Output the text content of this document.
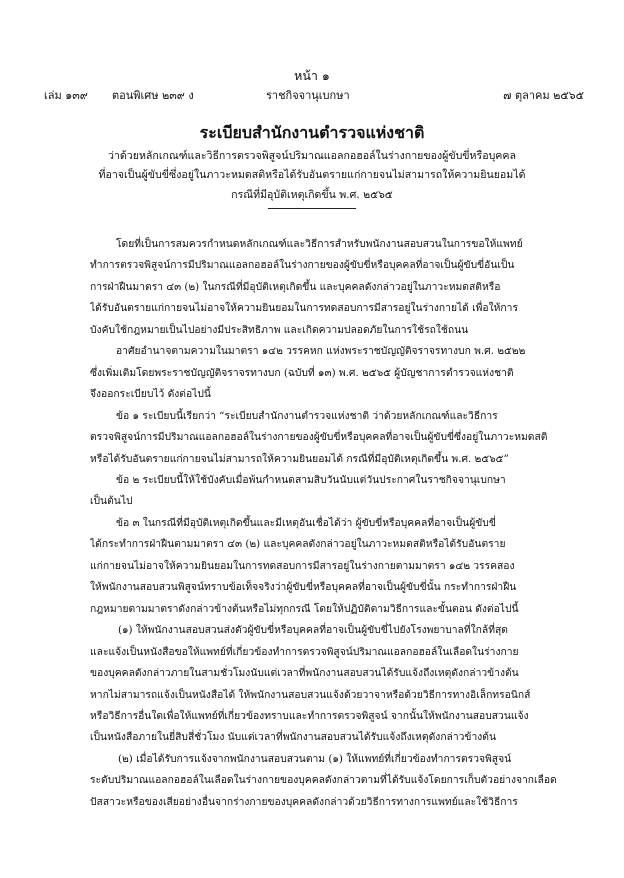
หน้า ๑
เล่ม ๑๓๙ ตอนพิเศษ ๒๓๙ ง	ราชกิจจานุเบกษา	๗ ตุลาคม ๒๕๖๕
ระเบียบสำนักงานตำรวจแห่งชาติ
ว่าด้วยหลักเกณฑ์และวิธีการตรวจพิสูจน์ปริมาณแอลกอฮอล์ในร่างกายของผู้ขับขี่หรือบุคคล
ที่อาจเป็นผู้ขับขี่ซึ่งอยู่ในภาวะหมดสติหรือได้รับอันตรายแก่กายจนไม่สามารถให้ความยินยอมได้
กรณีที่มีอุบัติเหตุเกิดขึ้น พ.ศ. ๒๕๖๕
โดยที่เป็นการสมควรกำหนดหลักเกณฑ์และวิธีการสำหรับพนักงานสอบสวนในการขอให้แพทย์
ทำการตรวจพิสูจน์การมีปริมาณแอลกอฮอล์ในร่างกายของผู้ขับขี่หรือบุคคลที่อาจเป็นผู้ขับขี่อันเป็น
การฝ่าฝืนมาตรา ๔๓ (๒) ในกรณีที่มีอุบัติเหตุเกิดขึ้น และบุคคลดังกล่าวอยู่ในภาวะหมดสติหรือ
ได้รับอันตรายแก่กายจนไม่อาจให้ความยินยอมในการทดสอบการมีสารอยู่ในร่างกายได้ เพื่อให้การ
บังคับใช้กฎหมายเป็นไปอย่างมีประสิทธิภาพ และเกิดความปลอดภัยในการใช้รถใช้ถนน
อาศัยอำนาจตามความในมาตรา ๑๔๒ วรรคหก แห่งพระราชบัญญัติจราจรทางบก พ.ศ. ๒๕๒๒
ซึ่งเพิ่มเติมโดยพระราชบัญญัติจราจรทางบก (ฉบับที่ ๑๓) พ.ศ. ๒๕๖๕ ผู้บัญชาการตำรวจแห่งชาติ
จึงออกระเบียบไว้ ดังต่อไปนี้
ข้อ ๑ ระเบียบนี้เรียกว่า “ระเบียบสำนักงานตำรวจแห่งชาติ ว่าด้วยหลักเกณฑ์และวิธีการ
ตรวจพิสูจน์การมีปริมาณแอลกอฮอล์ในร่างกายของผู้ขับขี่หรือบุคคลที่อาจเป็นผู้ขับขี่ซึ่งอยู่ในภาวะหมดสติ
หรือได้รับอันตรายแก่กายจนไม่สามารถให้ความยินยอมได้ กรณีที่มีอุบัติเหตุเกิดขึ้น พ.ศ. ๒๕๖๕”
ข้อ ๒ ระเบียบนี้ให้ใช้บังคับเมื่อพ้นกำหนดสามสิบวันนับแต่วันประกาศในราชกิจจานุเบกษา
เป็นต้นไป
ข้อ ๓ ในกรณีที่มีอุบัติเหตุเกิดขึ้นและมีเหตุอันเชื่อได้ว่า ผู้ขับขี่หรือบุคคลที่อาจเป็นผู้ขับขี่
ได้กระทำการฝ่าฝืนตามมาตรา ๔๓ (๒) และบุคคลดังกล่าวอยู่ในภาวะหมดสติหรือได้รับอันตราย
แก่กายจนไม่อาจให้ความยินยอมในการทดสอบการมีสารอยู่ในร่างกายตามมาตรา ๑๔๒ วรรคสอง
ให้พนักงานสอบสวนพิสูจน์ทราบข้อเท็จจริงว่าผู้ขับขี่หรือบุคคลที่อาจเป็นผู้ขับขี่นั้น กระทำการฝ่าฝืน
กฎหมายตามมาตราดังกล่าวข้างต้นหรือไม่ทุกกรณี โดยให้ปฏิบัติตามวิธีการและขั้นตอน ดังต่อไปนี้
(๑) ให้พนักงานสอบสวนส่งตัวผู้ขับขี่หรือบุคคลที่อาจเป็นผู้ขับขี่ไปยังโรงพยาบาลที่ใกล้ที่สุด
และแจ้งเป็นหนังสือขอให้แพทย์ที่เกี่ยวข้องทำการตรวจพิสูจน์ปริมาณแอลกอฮอล์ในเลือดในร่างกาย
ของบุคคลดังกล่าวภายในสามชั่วโมงนับแต่เวลาที่พนักงานสอบสวนได้รับแจ้งถึงเหตุดังกล่าวข้างต้น
หากไม่สามารถแจ้งเป็นหนังสือได้ ให้พนักงานสอบสวนแจ้งด้วยวาจาหรือด้วยวิธีการทางอิเล็กทรอนิกส์
หรือวิธีการอื่นใดเพื่อให้แพทย์ที่เกี่ยวข้องทราบและทำการตรวจพิสูจน์ จากนั้นให้พนักงานสอบสวนแจ้ง
เป็นหนังสือภายในยี่สิบสี่ชั่วโมง นับแต่เวลาที่พนักงานสอบสวนได้รับแจ้งถึงเหตุดังกล่าวข้างต้น
(๒) เมื่อได้รับการแจ้งจากพนักงานสอบสวนตาม (๑) ให้แพทย์ที่เกี่ยวข้องทำการตรวจพิสูจน์
ระดับปริมาณแอลกอฮอล์ในเลือดในร่างกายของบุคคลดังกล่าวตามที่ได้รับแจ้งโดยการเก็บตัวอย่างจากเลือด
ปัสสาวะหรือของเสียอย่างอื่นจากร่างกายของบุคคลดังกล่าวด้วยวิธีการทางการแพทย์และใช้วิธีการ
